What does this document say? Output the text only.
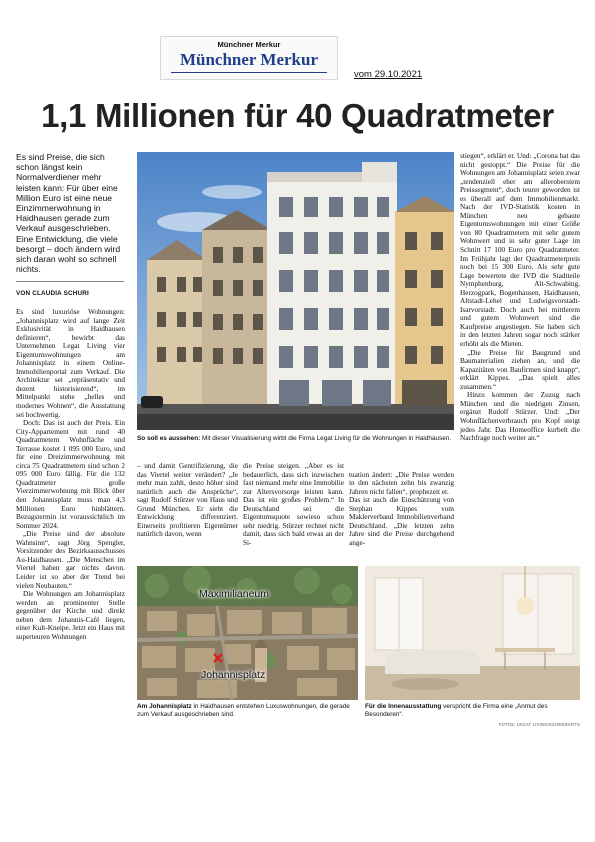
Münchner Merkur
Münchner Merkur
vom 29.10.2021
1,1 Millionen für 40 Quadratmeter
Es sind Preise, die sich schon längst kein Normalverdiener mehr leisten kann: Für über eine Million Euro ist eine neue Einzimmerwohnung in Haidhausen gerade zum Verkauf ausgeschrieben. Eine Entwicklung, die viele besorgt – doch ändern wird sich daran wohl so schnell nichts.
VON CLAUDIA SCHURI

Es sind luxuriöse Wohnungen: „Johannisplatz wird auf lange Zeit Exklusivität in Haidhausen definieren“, bewirbt das Unternehmen Legat Living vier Eigentumswohnungen am Johannisplatz in einem Online-Immobilienportal zum Verkauf. Die Architektur sei „repräsentativ und dezent historisierend“, im Mittelpunkt stehe „helles und modernes Wohnen“, die Ausstattung sei hochwertig.

Doch: Das ist auch der Preis. Ein City-Appartement mit rund 40 Quadratmetern Wohnfläche und Terrasse kostet 1 095 000 Euro, und für eine Dreizimmerwohnung mit circa 75 Quadratmetern sind schon 2 095 000 Euro fällig. Für die 132 Quadratmeter große Vierzimmerwohnung mit Blick über den Johannisplatz muss man 4,3 Millionen Euro hinblättern. Bezugstermin ist voraussichtlich im Sommer 2024.

„Die Preise sind der absolute Wahnsinn“, sagt Jörg Spengler, Vorsitzender des Bezirksausschusses Au-Haidhausen. „Die Menschen im Viertel haben gar nichts davon. Leider ist so aber der Trend bei vielen Neubauten.“

Die Wohnungen am Johannisplatz werden an prominenter Stelle gegenüber der Kirche und direkt neben dem Johannis-Café liegen, einer Kult-Kneipe. Jetzt ein Haus mit superteuren Wohnungen

So soll es aussehen: Mit dieser Visualisierung wirbt die Firma Legat Living für die Wohnungen in Haidhausen.

– und damit Gentrifizierung, die das Viertel weiter verändert? „Je mehr man zahlt, desto höher sind natürlich auch die Ansprüche“, sagt Rudolf Stürzer von Haus und Grund München. Er sieht die Entwicklung differenziert. Einerseits profitieren Eigentümer natürlich davon, wenn

die Preise steigen. „Aber es ist bedauerlich, dass sich inzwischen fast niemand mehr eine Immobilie zur Altersvorsorge leisten kann. Das ist ein großes Problem.“ In Deutschland sei die Eigentumsquote sowieso schon sehr niedrig. Stürzer rechnet nicht damit, dass sich bald etwas an der Si-

tuation ändert: „Die Preise werden in den nächsten zehn bis zwanzig Jahren nicht fallen“, prophezeit er.
Das ist auch die Einschätzung von Stephan Kippes vom Maklerverband Immobilienverband Deutschland. „Die letzten zehn Jahre sind die Preise durchgehend ange-

stiegen“, erklärt er. Und: „Corona hat das nicht gestoppt.“ Die Preise für die Wohnungen am Johannisplatz seien zwar „tendenziell eher am alleroberstem Preissegment“, doch teurer geworden ist es überall auf dem Immobilienmarkt. Nach der IVD-Statistik kosten in München neu gebaute Eigentumswohnungen mit einer Größe von 80 Quadratmetern mit sehr gutem Wohnwert und in sehr guter Lage im Schnitt 17 100 Euro pro Quadratmeter. Im Frühjahr lagt der Quadratmeterpreis noch bei 15 300 Euro. Als sehr gute Lage bewertete der IVD die Stadtteile Nymphenburg, Alt-Schwabing, Herzogpark, Bogenhausen, Haidhausen, Altstadt-Lehel und Ludwigsvorstadt-Isarvorstadt. Doch auch bei mittlerem und gutem Wohnwert sind die Kaufpreise angestiegen. Sie haben sich in den letzten Jahren sogar noch stärker erhöht als die Mieten.

„Die Preise für Baugrund und Baumaterialien ziehen an, und die Kapazitäten von Baufirmen sind knapp“, erklärt Kippes. „Das spielt alles zusammen.“

Hinzu kommen der Zuzug nach München und die niedrigen Zinsen, ergänzt Rudolf Stürzer. Und: „Der Wohnflächenverbrauch pro Kopf steigt jedes Jahr. Das Homeoffice kurbelt die Nachfrage noch weiter an.“

Maximilianeum
Johannisplatz
Am Johannisplatz in Haidhausen entstehen Luxuswohnungen, die gerade zum Verkauf ausgeschrieben sind.
Für die Innenausstattung verspricht die Firma eine „Anmut des Besonderen“.
FOTOS: LEGAT LIVING/SCHENSHOTS
